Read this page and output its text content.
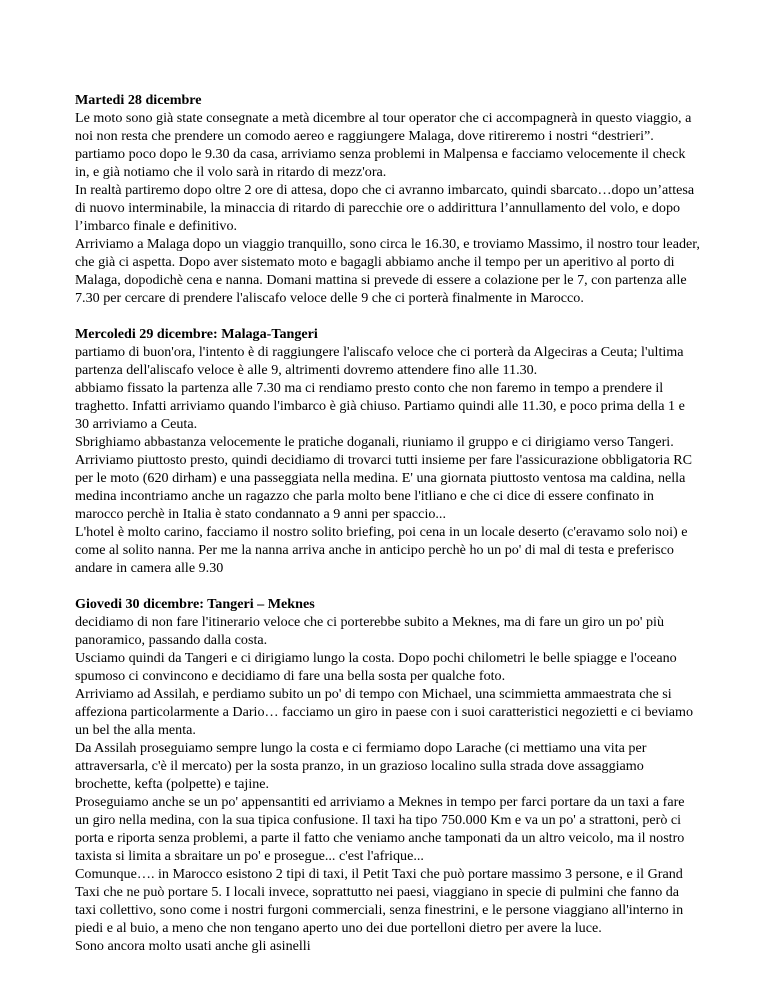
Martedi 28 dicembre
Le moto sono già state consegnate a metà dicembre al tour operator che ci accompagnerà in questo viaggio, a noi non resta che prendere un comodo aereo e raggiungere Malaga, dove ritireremo i nostri “destrieri”.
partiamo poco dopo le 9.30 da casa, arriviamo senza problemi in Malpensa e facciamo velocemente il check in, e già notiamo che il volo sarà in ritardo di mezz'ora.
In realtà partiremo dopo oltre 2 ore di attesa, dopo che ci avranno imbarcato, quindi sbarcato…dopo un’attesa di nuovo interminabile, la minaccia di ritardo di parecchie ore o addirittura l’annullamento del volo, e dopo l’imbarco finale e definitivo.
Arriviamo a Malaga dopo un viaggio tranquillo, sono circa le 16.30, e troviamo Massimo, il nostro tour leader, che già ci aspetta. Dopo aver sistemato moto e bagagli abbiamo anche il tempo per un aperitivo al porto di Malaga, dopodichè cena e nanna. Domani mattina si prevede di essere a colazione per le 7, con partenza alle 7.30 per cercare di prendere l'aliscafo veloce delle 9 che ci porterà finalmente in Marocco.
Mercoledi 29 dicembre: Malaga-Tangeri
partiamo di buon'ora, l'intento è di raggiungere l'aliscafo veloce che ci porterà da Algeciras a Ceuta; l'ultima partenza dell'aliscafo veloce è alle 9, altrimenti dovremo attendere fino alle 11.30.
abbiamo fissato la partenza alle 7.30 ma ci rendiamo presto conto che non faremo in tempo a prendere il traghetto. Infatti arriviamo quando l'imbarco è già chiuso. Partiamo quindi alle 11.30, e poco prima della 1 e 30 arriviamo a Ceuta.
Sbrighiamo abbastanza velocemente le pratiche doganali, riuniamo il gruppo e ci dirigiamo verso Tangeri.
Arriviamo piuttosto presto, quindi decidiamo di trovarci tutti insieme per fare l'assicurazione obbligatoria RC per le moto (620 dirham) e una passeggiata nella medina. E' una giornata piuttosto ventosa ma caldina, nella medina incontriamo anche un ragazzo che parla molto bene l'itliano e che ci dice di essere confinato in marocco perchè in Italia è stato condannato a 9 anni per spaccio...
L'hotel è molto carino, facciamo il nostro solito briefing, poi cena in un locale deserto (c'eravamo solo noi) e come al solito nanna. Per me la nanna arriva anche in anticipo perchè ho un po' di mal di testa e preferisco andare in camera alle 9.30
Giovedi 30 dicembre: Tangeri – Meknes
decidiamo di non fare l'itinerario veloce che ci porterebbe subito a Meknes, ma di fare un giro un po' più panoramico, passando dalla costa.
Usciamo quindi da Tangeri e ci dirigiamo lungo la costa. Dopo pochi chilometri le belle spiagge e l'oceano spumoso ci convincono e decidiamo di fare una bella sosta per qualche foto.
Arriviamo ad Assilah, e perdiamo subito un po' di tempo con Michael, una scimmietta ammaestrata che si affeziona particolarmente a Dario… facciamo un giro in paese con i suoi caratteristici negozietti e ci beviamo un bel the alla menta.
Da Assilah proseguiamo sempre lungo la costa e ci fermiamo dopo Larache (ci mettiamo una vita per attraversarla, c'è il mercato) per la sosta pranzo, in un grazioso localino sulla strada dove assaggiamo brochette, kefta (polpette) e tajine.
Proseguiamo anche se un po' appensantiti ed arriviamo a Meknes in tempo per farci portare da un taxi a fare un giro nella medina, con la sua tipica confusione. Il taxi ha tipo 750.000 Km e va un po' a strattoni, però ci porta e riporta senza problemi, a parte il fatto che veniamo anche tamponati da un altro veicolo, ma il nostro taxista si limita a sbraitare un po' e prosegue... c'est l'afrique...
Comunque…. in Marocco esistono 2 tipi di taxi, il Petit Taxi che può portare massimo 3 persone, e il Grand Taxi che ne può portare 5. I locali invece, soprattutto nei paesi, viaggiano in specie di pulmini che fanno da taxi collettivo, sono come i nostri furgoni commerciali, senza finestrini, e le persone viaggiano all'interno in piedi e al buio, a meno che non tengano aperto uno dei due portelloni dietro per avere la luce.
Sono ancora molto usati anche gli asinelli
